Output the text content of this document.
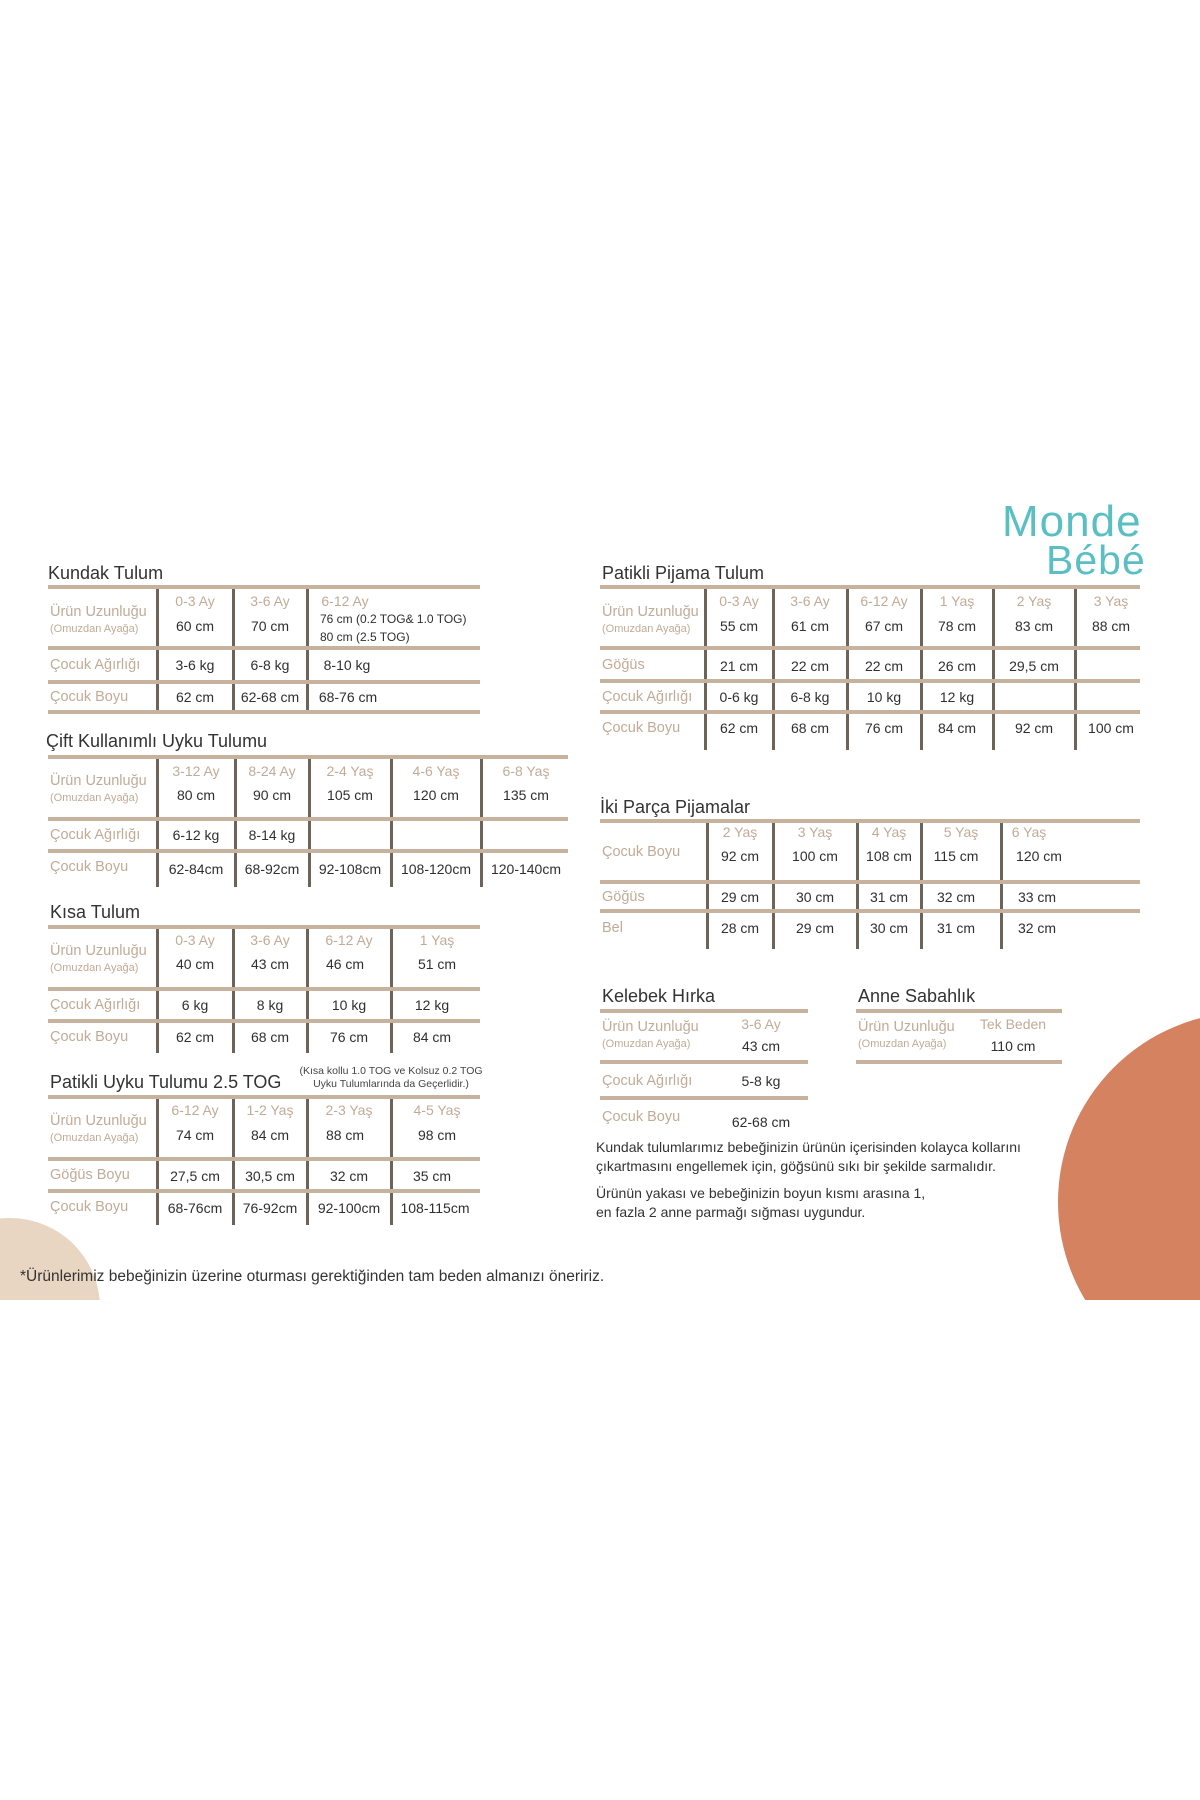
Monde
Bébé
Kundak Tulum
Ürün Uzunluğu
(Omuzdan Ayağa)
0-3 Ay	3-6 Ay	6-12 Ay
60 cm	70 cm	76 cm (0.2 TOG& 1.0 TOG)
80 cm (2.5 TOG)
Çocuk Ağırlığı	3-6 kg	6-8 kg	8-10 kg
Çocuk Boyu	62 cm	62-68 cm	68-76 cm
Çift Kullanımlı Uyku Tulumu
Ürün Uzunluğu
(Omuzdan Ayağa)
3-12 Ay	8-24 Ay	2-4 Yaş	4-6 Yaş	6-8 Yaş
80 cm	90 cm	105 cm	120 cm	135 cm
Çocuk Ağırlığı	6-12 kg	8-14 kg
Çocuk Boyu	62-84cm	68-92cm	92-108cm	108-120cm	120-140cm
Kısa Tulum
Ürün Uzunluğu
(Omuzdan Ayağa)
0-3 Ay	3-6 Ay	6-12 Ay	1 Yaş
40 cm	43 cm	46 cm	51 cm
Çocuk Ağırlığı	6 kg	8 kg	10 kg	12 kg
Çocuk Boyu	62 cm	68 cm	76 cm	84 cm
Patikli Uyku Tulumu 2.5 TOG
(Kısa kollu 1.0 TOG ve Kolsuz 0.2 TOG
Uyku Tulumlarında da Geçerlidir.)
Ürün Uzunluğu
(Omuzdan Ayağa)
6-12 Ay	1-2 Yaş	2-3 Yaş	4-5 Yaş
74 cm	84 cm	88 cm	98 cm
Göğüs Boyu	27,5 cm	30,5 cm	32 cm	35 cm
Çocuk Boyu	68-76cm	76-92cm	92-100cm	108-115cm
Patikli Pijama Tulum
Ürün Uzunluğu
(Omuzdan Ayağa)
0-3 Ay	3-6 Ay	6-12 Ay	1 Yaş	2 Yaş	3 Yaş
55 cm	61 cm	67 cm	78 cm	83 cm	88 cm
Göğüs	21 cm	22 cm	22 cm	26 cm	29,5 cm
Çocuk Ağırlığı	0-6 kg	6-8 kg	10 kg	12 kg
Çocuk Boyu	62 cm	68 cm	76 cm	84 cm	92 cm	100 cm
İki Parça Pijamalar
Çocuk Boyu
2 Yaş	3 Yaş	4 Yaş	5 Yaş	6 Yaş
92 cm	100 cm	108 cm	115 cm	120 cm
Göğüs	29 cm	30 cm	31 cm	32 cm	33 cm
Bel	28 cm	29 cm	30 cm	31 cm	32 cm
Kelebek Hırka
Ürün Uzunluğu
(Omuzdan Ayağa)
3-6 Ay
43 cm
Çocuk Ağırlığı	5-8 kg
Çocuk Boyu	62-68 cm
Anne Sabahlık
Ürün Uzunluğu
(Omuzdan Ayağa)
Tek Beden
110 cm
Kundak tulumlarımız bebeğinizin ürünün içerisinden kolayca kollarını
çıkartmasını engellemek için, göğsünü sıkı bir şekilde sarmalıdır.
Ürünün yakası ve bebeğinizin boyun kısmı arasına 1,
en fazla 2 anne parmağı sığması uygundur.
*Ürünlerimiz bebeğinizin üzerine oturması gerektiğinden tam beden almanızı öneririz.
